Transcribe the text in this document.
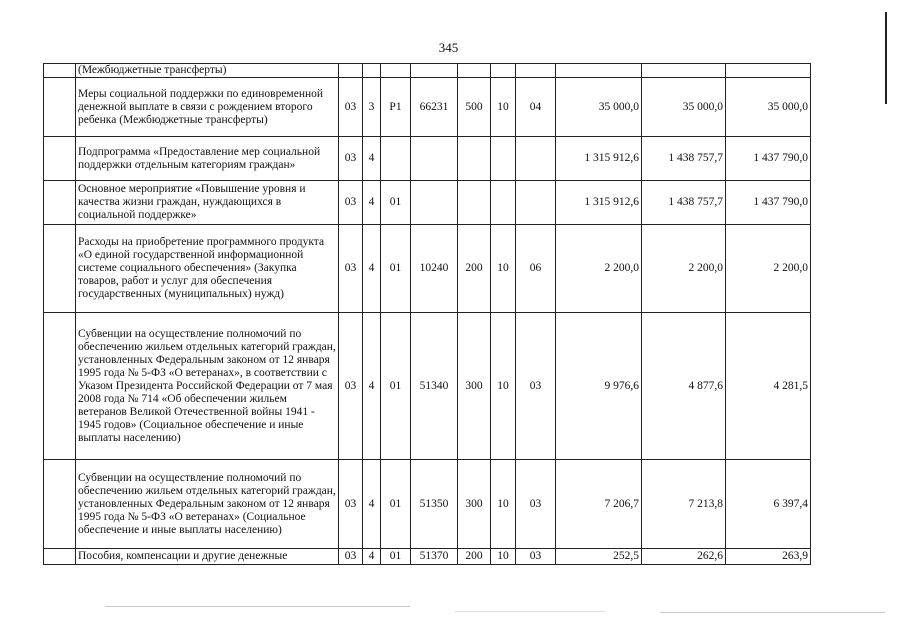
345
	(Межбюджетные трансферты)										
	Меры социальной поддержки по единовременной денежной выплате в связи с рождением второго ребенка (Межбюджетные трансферты)	03	3	P1	66231	500	10	04	35 000,0	35 000,0	35 000,0
	Подпрограмма «Предоставление мер социальной поддержки отдельным категориям граждан»	03	4						1 315 912,6	1 438 757,7	1 437 790,0
	Основное мероприятие «Повышение уровня и качества жизни граждан, нуждающихся в социальной поддержке»	03	4	01					1 315 912,6	1 438 757,7	1 437 790,0
	Расходы на приобретение программного продукта «О единой государственной информационной системе социального обеспечения» (Закупка товаров, работ и услуг для обеспечения государственных (муниципальных) нужд)	03	4	01	10240	200	10	06	2 200,0	2 200,0	2 200,0
	Субвенции на осуществление полномочий по обеспечению жильем отдельных категорий граждан, установленных Федеральным законом от 12 января 1995 года № 5-ФЗ «О ветеранах», в соответствии с Указом Президента Российской Федерации от 7 мая 2008 года № 714 «Об обеспечении жильем ветеранов Великой Отечественной войны 1941 - 1945 годов» (Социальное обеспечение и иные выплаты населению)	03	4	01	51340	300	10	03	9 976,6	4 877,6	4 281,5
	Субвенции на осуществление полномочий по обеспечению жильем отдельных категорий граждан, установленных Федеральным законом от 12 января 1995 года № 5-ФЗ «О ветеранах» (Социальное обеспечение и иные выплаты населению)	03	4	01	51350	300	10	03	7 206,7	7 213,8	6 397,4
	Пособия, компенсации и другие денежные	03	4	01	51370	200	10	03	252,5	262,6	263,9
